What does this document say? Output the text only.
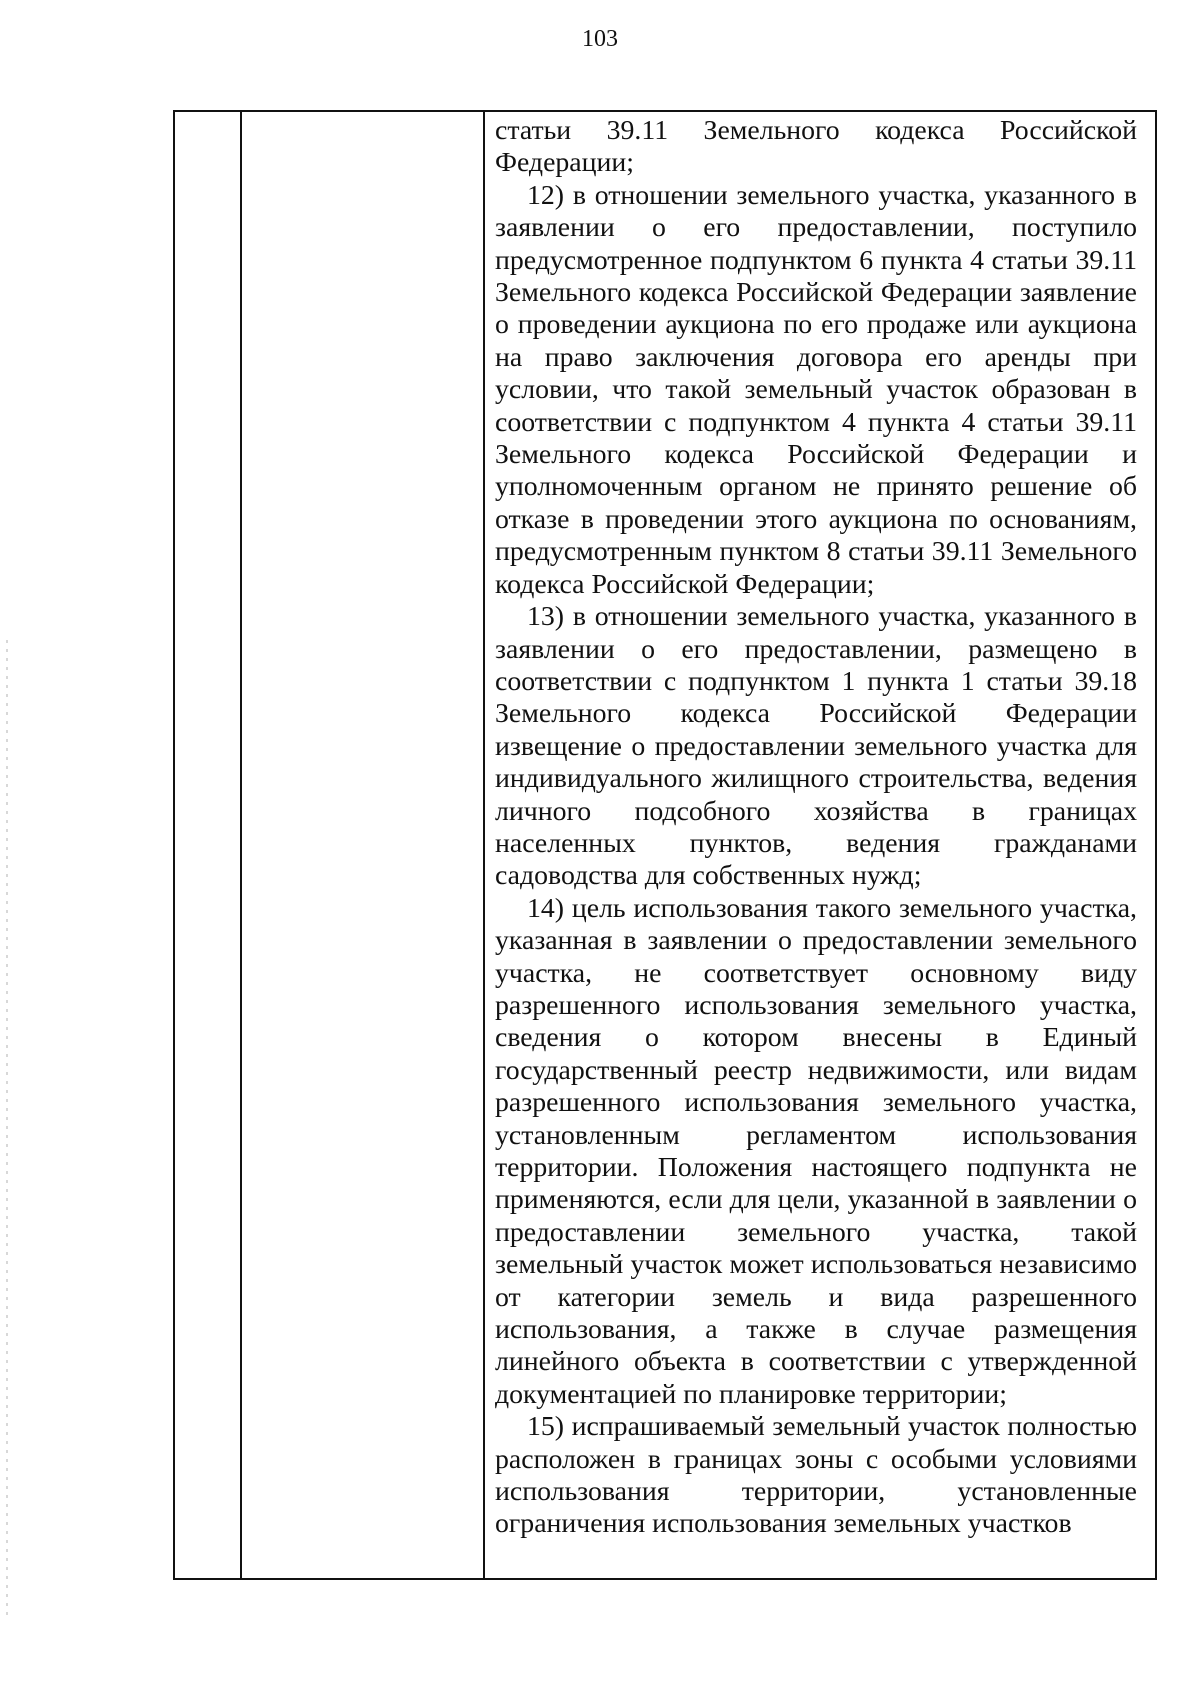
103

статьи 39.11 Земельного кодекса Российской Федерации;

12) в отношении земельного участка, указанного в заявлении о его предоставлении, поступило предусмотренное подпунктом 6 пункта 4 статьи 39.11 Земельного кодекса Российской Федерации заявление о проведении аукциона по его продаже или аукциона на право заключения договора его аренды при условии, что такой земельный участок образован в соответствии с подпунктом 4 пункта 4 статьи 39.11 Земельного кодекса Российской Федерации и уполномоченным органом не принято решение об отказе в проведении этого аукциона по основаниям, предусмотренным пунктом 8 статьи 39.11 Земельного кодекса Российской Федерации;

13) в отношении земельного участка, указанного в заявлении о его предоставлении, размещено в соответствии с подпунктом 1 пункта 1 статьи 39.18 Земельного кодекса Российской Федерации извещение о предоставлении земельного участка для индивидуального жилищного строительства, ведения личного подсобного хозяйства в границах населенных пунктов, ведения гражданами садоводства для собственных нужд;

14) цель использования такого земельного участка, указанная в заявлении о предоставлении земельного участка, не соответствует основному виду разрешенного использования земельного участка, сведения о котором внесены в Единый государственный реестр недвижимости, или видам разрешенного использования земельного участка, установленным регламентом использования территории. Положения настоящего подпункта не применяются, если для цели, указанной в заявлении о предоставлении земельного участка, такой земельный участок может использоваться независимо от категории земель и вида разрешенного использования, а также в случае размещения линейного объекта в соответствии с утвержденной документацией по планировке территории;

15) испрашиваемый земельный участок полностью расположен в границах зоны с особыми условиями использования территории, установленные ограничения использования земельных участков
